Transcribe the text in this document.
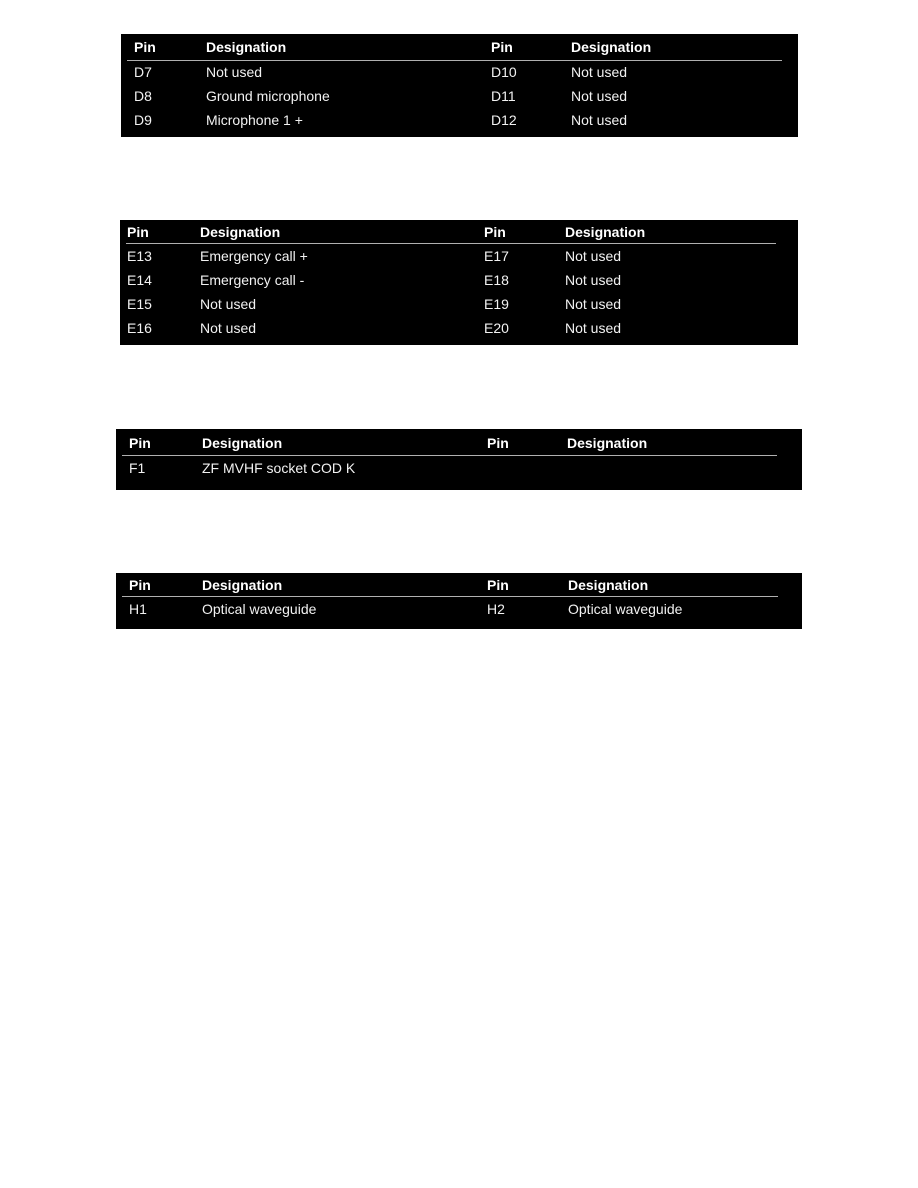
Pin	Designation	Pin	Designation
D7	Not used	D10	Not used
D8	Ground microphone	D11	Not used
D9	Microphone 1 +	D12	Not used
Pin	Designation	Pin	Designation
E13	Emergency call +	E17	Not used
E14	Emergency call -	E18	Not used
E15	Not used	E19	Not used
E16	Not used	E20	Not used
Pin	Designation	Pin	Designation
F1	ZF MVHF socket COD K
Pin	Designation	Pin	Designation
H1	Optical waveguide	H2	Optical waveguide
